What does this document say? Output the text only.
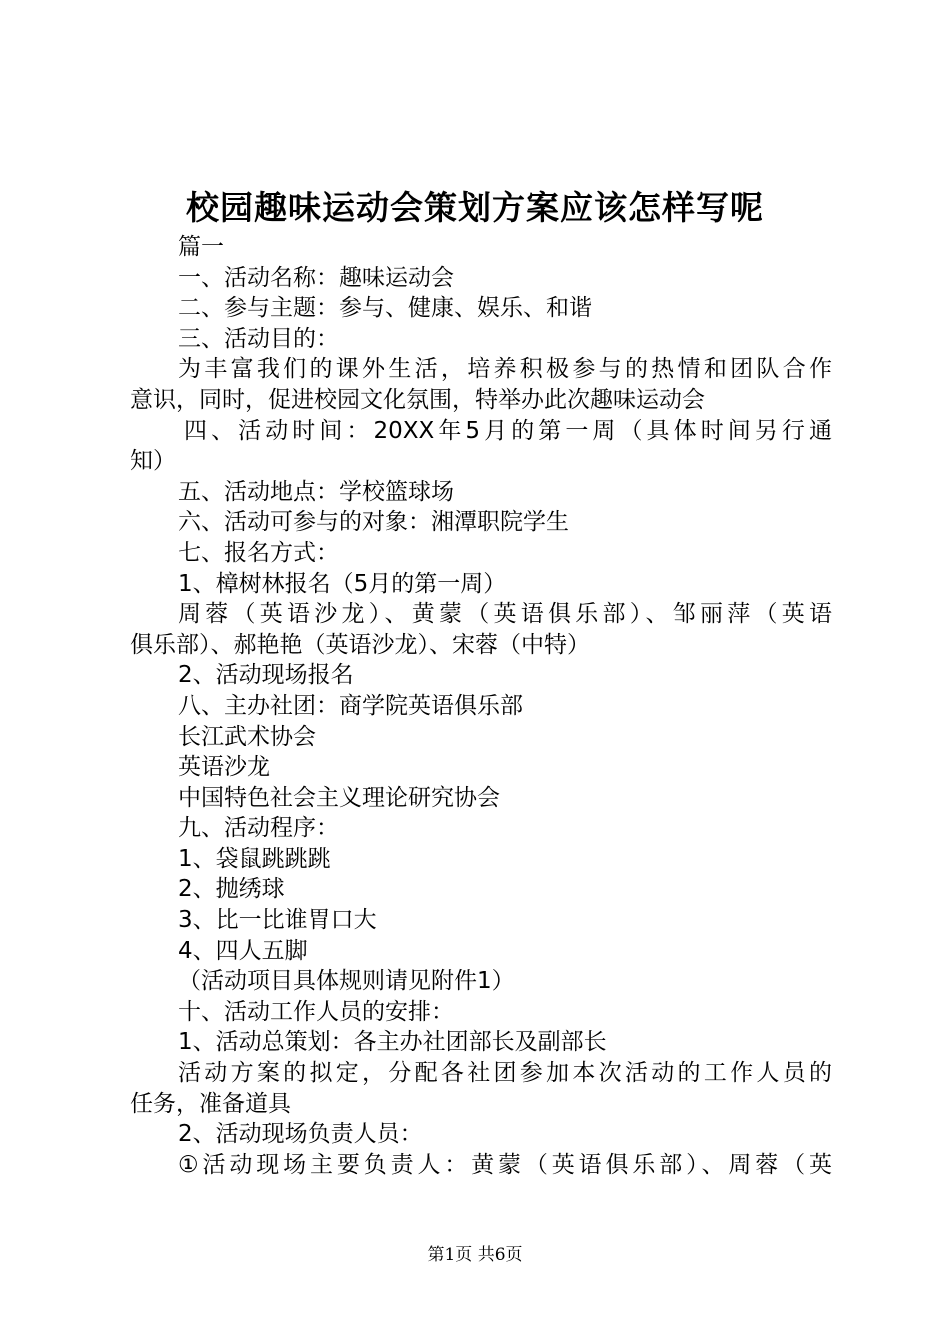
校园趣味运动会策划方案应该怎样写呢
篇一
一、活动名称：趣味运动会
二、参与主题：参与、健康、娱乐、和谐
三、活动目的：
为丰富我们的课外生活，培养积极参与的热情和团队合作
意识，同时，促进校园文化氛围，特举办此次趣味运动会
四、活动时间：20XX年5月的第一周（具体时间另行通
知）
五、活动地点：学校篮球场
六、活动可参与的对象：湘潭职院学生
七、报名方式：
1、樟树林报名（5月的第一周）
周蓉（英语沙龙）、黄蒙（英语俱乐部）、邹丽萍（英语
俱乐部）、郝艳艳（英语沙龙）、宋蓉（中特）
2、活动现场报名
八、主办社团：商学院英语俱乐部
长江武术协会
英语沙龙
中国特色社会主义理论研究协会
九、活动程序：
1、袋鼠跳跳跳
2、抛绣球
3、比一比谁胃口大
4、四人五脚
（活动项目具体规则请见附件1）
十、活动工作人员的安排：
1、活动总策划：各主办社团部长及副部长
活动方案的拟定，分配各社团参加本次活动的工作人员的
任务，准备道具
2、活动现场负责人员：
①活动现场主要负责人：黄蒙（英语俱乐部）、周蓉（英
第1页 共6页
